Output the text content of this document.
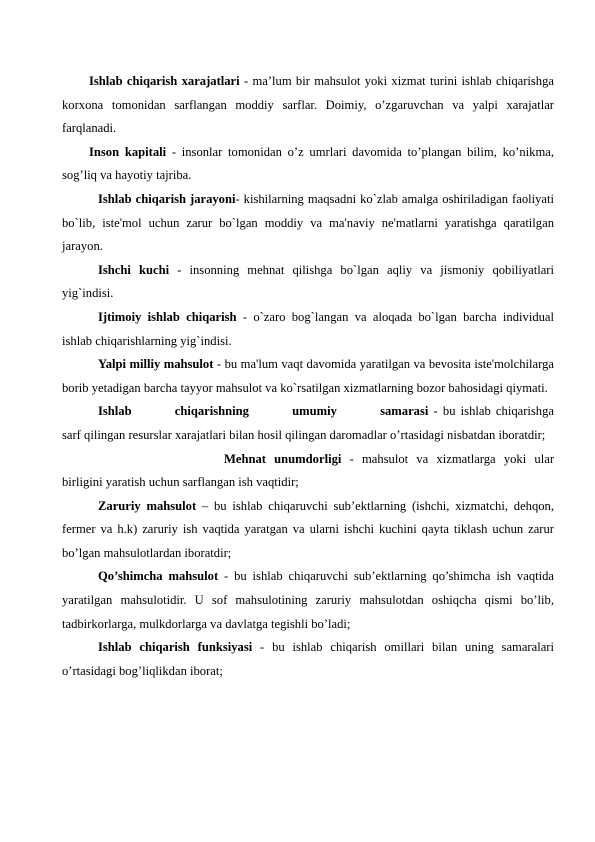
Ishlab chiqarish xarajatlari - ma’lum bir mahsulot yoki xizmat turini ishlab chiqarishga korxona tomonidan sarflangan moddiy sarflar. Doimiy, o’zgaruvchan va yalpi xarajatlar farqlanadi.

Inson kapitali - insonlar tomonidan o’z umrlari davomida to’plangan bilim, ko’nikma, sog’liq va hayotiy tajriba.

Ishlab chiqarish jarayoni- kishilarning maqsadni ko`zlab amalga oshiriladigan faoliyati bo`lib, iste'mol uchun zarur bo`lgan moddiy va ma'naviy ne'matlarni yaratishga qaratilgan jarayon.

Ishchi kuchi - insonning mehnat qilishga bo`lgan aqliy va jismoniy qobiliyatlari yig`indisi.

Ijtimoiy ishlab chiqarish - o`zaro bog`langan va aloqada bo`lgan barcha individual ishlab chiqarishlarning yig`indisi.

Yalpi milliy mahsulot - bu ma'lum vaqt davomida yaratilgan va bevosita iste'molchilarga borib yetadigan barcha tayyor mahsulot va ko`rsatilgan xizmatlarning bozor bahosidagi qiymati.

Ishlab chiqarishning umumiy samarasi - bu ishlab chiqarishga sarf qilingan resurslar xarajatlari bilan hosil qilingan daromadlar o’rtasidagi nisbatdan iboratdir;

Mehnat unumdorligi - mahsulot va xizmatlarga yoki ular birligini yaratish uchun sarflangan ish vaqtidir;

Zaruriy mahsulot – bu ishlab chiqaruvchi sub’ektlarning (ishchi, xizmatchi, dehqon, fermer va h.k) zaruriy ish vaqtida yaratgan va ularni ishchi kuchini qayta tiklash uchun zarur bo’lgan mahsulotlardan iboratdir;

Qo’shimcha mahsulot - bu ishlab chiqaruvchi sub’ektlarning qo’shimcha ish vaqtida yaratilgan mahsulotidir. U sof mahsulotining zaruriy mahsulotdan oshiqcha qismi bo’lib, tadbirkorlarga, mulkdorlarga va davlatga tegishli bo’ladi;

Ishlab chiqarish funksiyasi - bu ishlab chiqarish omillari bilan uning samaralari o’rtasidagi bog’liqlikdan iborat;
